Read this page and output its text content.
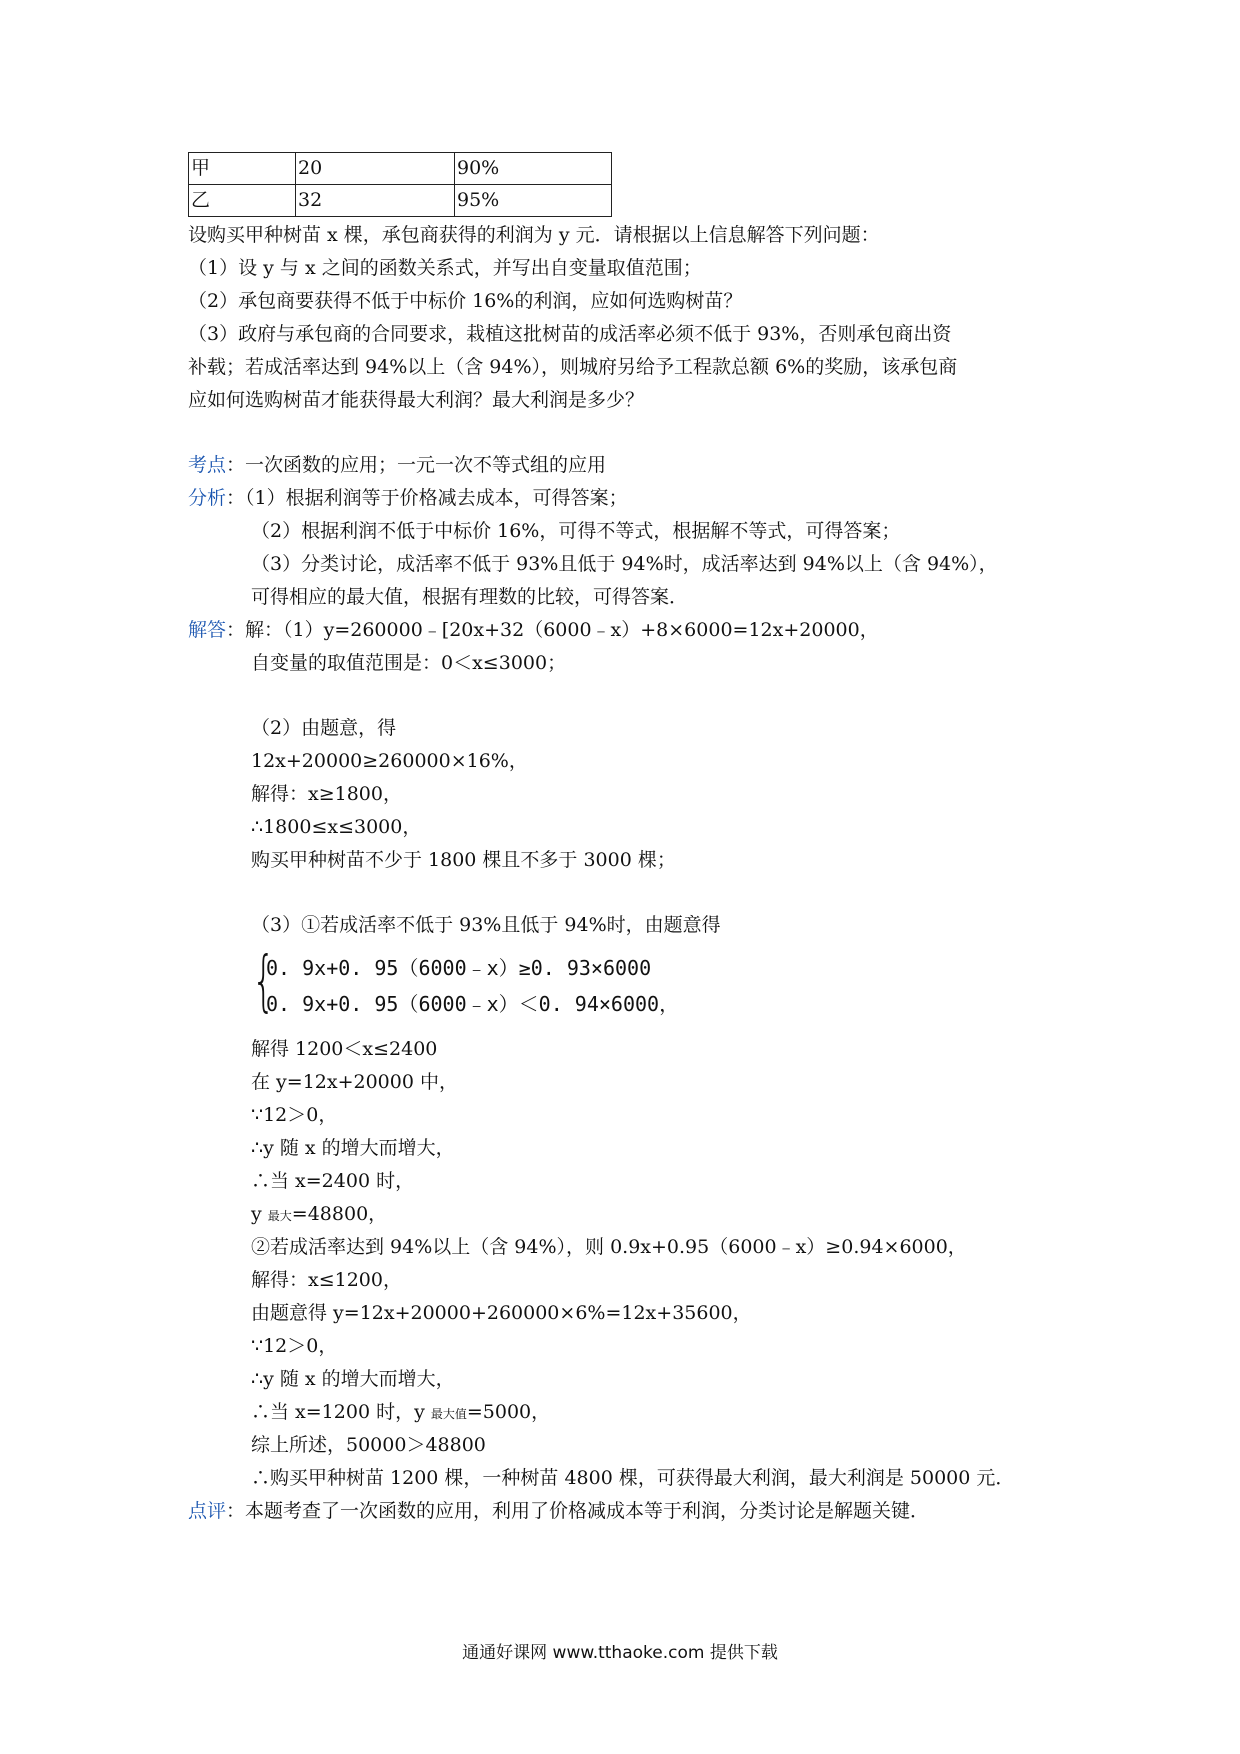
甲	20	90%
乙	32	95%
设购买甲种树苗 x 棵，承包商获得的利润为 y 元．请根据以上信息解答下列问题：
（1）设 y 与 x 之间的函数关系式，并写出自变量取值范围；
（2）承包商要获得不低于中标价 16%的利润，应如何选购树苗？
（3）政府与承包商的合同要求，栽植这批树苗的成活率必须不低于 93%，否则承包商出资
补载；若成活率达到 94%以上（含 94%），则城府另给予工程款总额 6%的奖励，该承包商
应如何选购树苗才能获得最大利润？最大利润是多少？
考点：一次函数的应用；一元一次不等式组的应用
分析：（1）根据利润等于价格减去成本，可得答案；
（2）根据利润不低于中标价 16%，可得不等式，根据解不等式，可得答案；
（3）分类讨论，成活率不低于 93%且低于 94%时，成活率达到 94%以上（含 94%），
可得相应的最大值，根据有理数的比较，可得答案．
解答：解：（1）y=260000﹣[20x+32（6000﹣x）+8×6000=12x+20000，
自变量的取值范围是：0＜x≤3000；
（2）由题意，得
12x+20000≥260000×16%，
解得：x≥1800，
∴1800≤x≤3000，
购买甲种树苗不少于 1800 棵且不多于 3000 棵；
（3）①若成活率不低于 93%且低于 94%时，由题意得
{
0. 9x+0. 95（6000﹣x）≥0. 93×6000
0. 9x+0. 95（6000﹣x）＜0. 94×6000，
解得 1200＜x≤2400
在 y=12x+20000 中，
∵12＞0，
∴y 随 x 的增大而增大，
∴当 x=2400 时，
y 最大=48800，
②若成活率达到 94%以上（含 94%），则 0.9x+0.95（6000﹣x）≥0.94×6000，
解得：x≤1200，
由题意得 y=12x+20000+260000×6%=12x+35600，
∵12＞0，
∴y 随 x 的增大而增大，
∴当 x=1200 时，y 最大值=5000，
综上所述，50000＞48800
∴购买甲种树苗 1200 棵，一种树苗 4800 棵，可获得最大利润，最大利润是 50000 元．
点评：本题考查了一次函数的应用，利用了价格减成本等于利润，分类讨论是解题关键．
通通好课网 www.tthaoke.com 提供下载
